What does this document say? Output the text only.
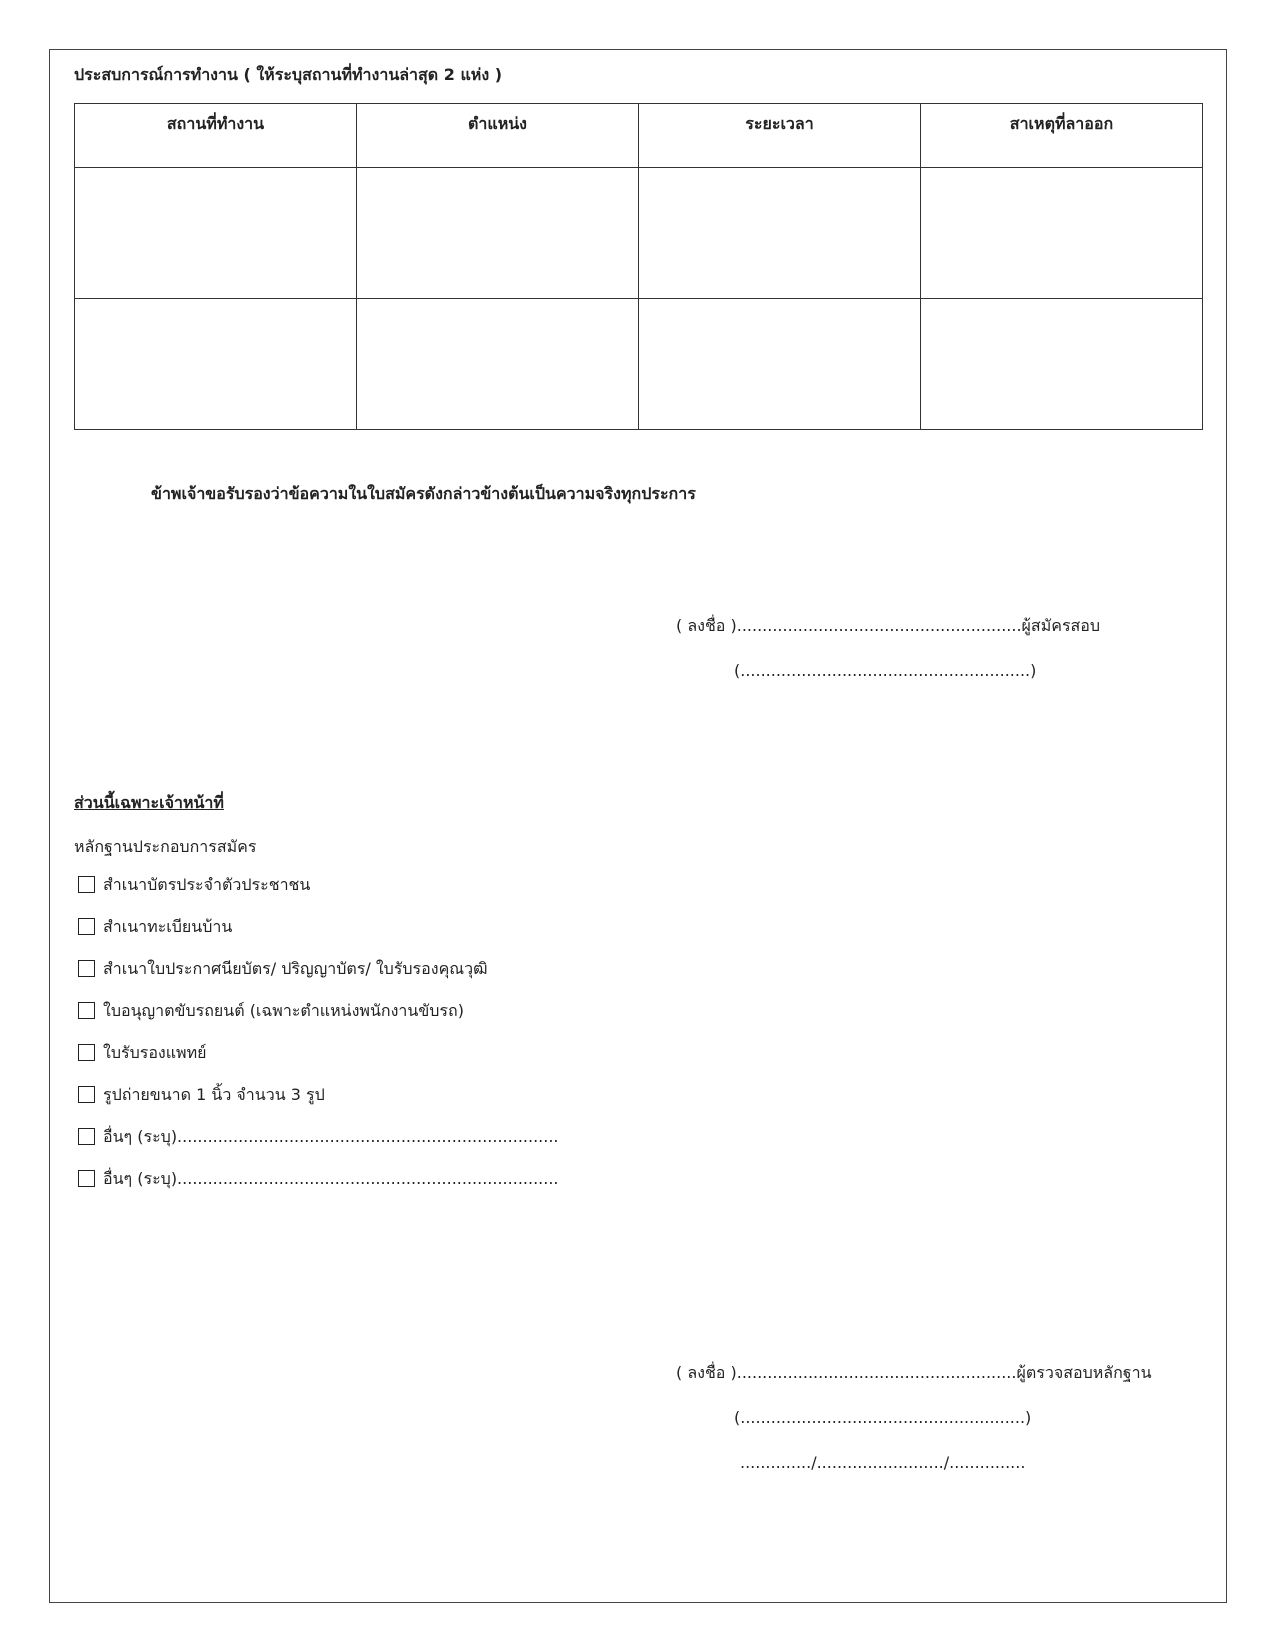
ประสบการณ์การทำงาน ( ให้ระบุสถานที่ทำงานล่าสุด 2 แห่ง )
สถานที่ทำงาน	ตำแหน่ง	ระยะเวลา	สาเหตุที่ลาออก

ข้าพเจ้าขอรับรองว่าข้อความในใบสมัครดังกล่าวข้างต้นเป็นความจริงทุกประการ
( ลงชื่อ )........................................................ผู้สมัครสอบ
(.........................................................)
ส่วนนี้เฉพาะเจ้าหน้าที่
หลักฐานประกอบการสมัคร
สำเนาบัตรประจำตัวประชาชน
สำเนาทะเบียนบ้าน
สำเนาใบประกาศนียบัตร/ ปริญญาบัตร/ ใบรับรองคุณวุฒิ
ใบอนุญาตขับรถยนต์ (เฉพาะตำแหน่งพนักงานขับรถ)
ใบรับรองแพทย์
รูปถ่ายขนาด 1 นิ้ว จำนวน 3 รูป
อื่นๆ (ระบุ)...........................................................................
อื่นๆ (ระบุ)...........................................................................
( ลงชื่อ ).......................................................ผู้ตรวจสอบหลักฐาน
(........................................................)
............../........................./...............
